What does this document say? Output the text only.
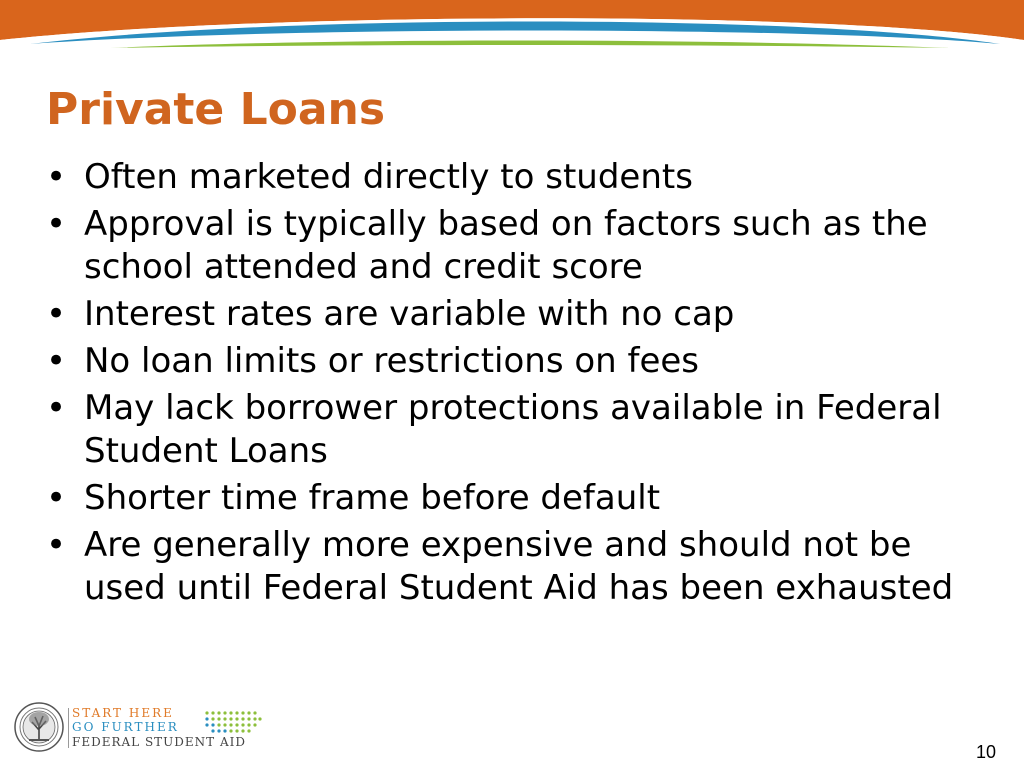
Private Loans
• Often marketed directly to students
• Approval is typically based on factors such as the school attended and credit score
• Interest rates are variable with no cap
• No loan limits or restrictions on fees
• May lack borrower protections available in Federal Student Loans
• Shorter time frame before default
• Are generally more expensive and should not be used until Federal Student Aid has been exhausted
START HERE
GO FURTHER
FEDERAL STUDENT AID	10
